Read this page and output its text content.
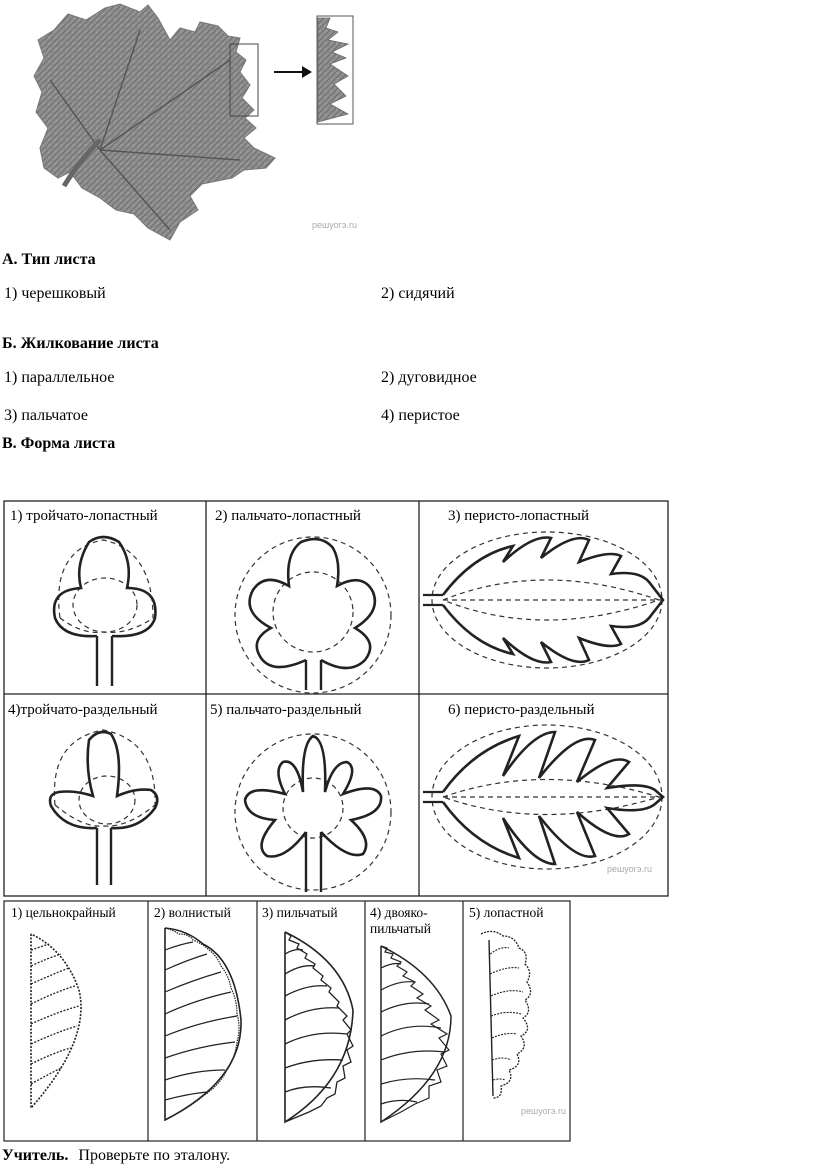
решуогэ.ru
А. Тип листа
1) черешковый	2) сидячий
Б. Жилкование листа
1) параллельное	2) дуговидное
3) пальчатое	4) перистое
В. Форма листа
решуогэ.ru
1) тройчато-лопастный	2) пальчато-лопастный	3) перисто-лопастный
4)тройчато-раздельный	5) пальчато-раздельный	6) перисто-раздельный
решуогэ.ru
1) цельнокрайный	2) волнистый 3) пильчатый 4) двояко-
пильчатый
5) лопастной
Учитель. Проверьте по эталону.
